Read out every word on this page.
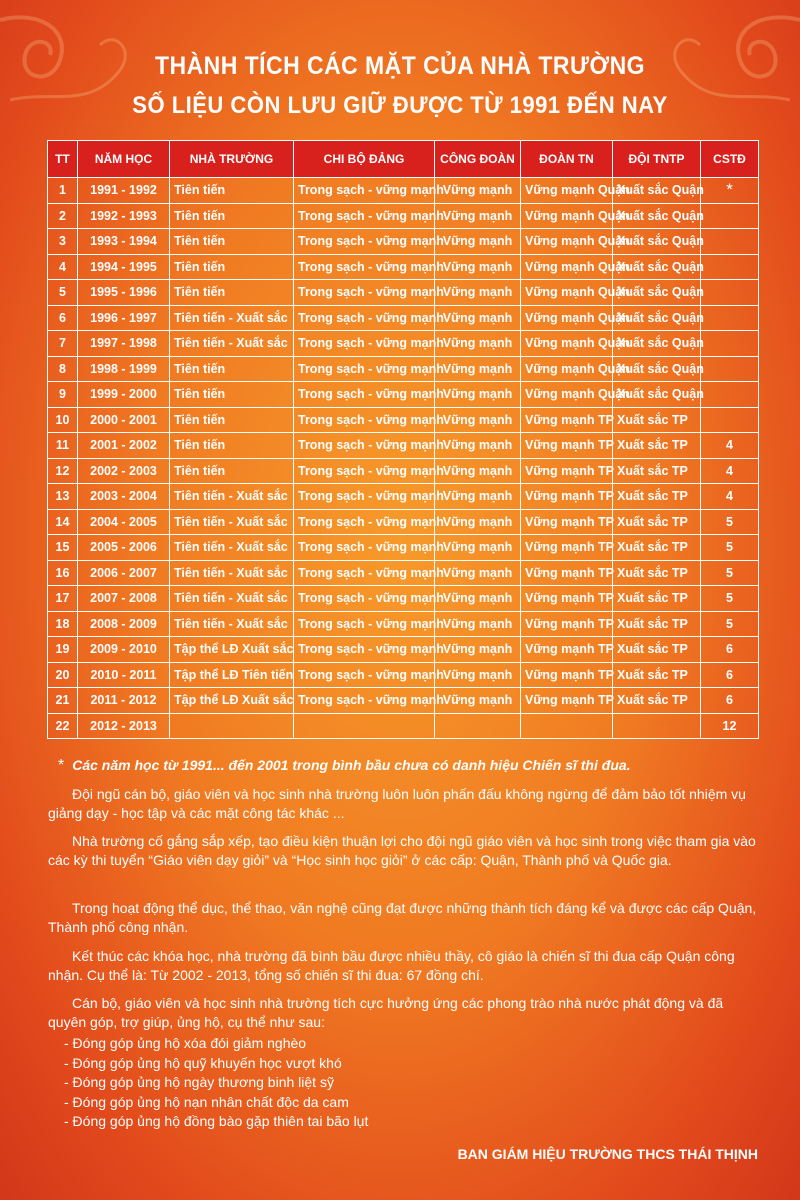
THÀNH TÍCH CÁC MẶT CỦA NHÀ TRƯỜNG
SỐ LIỆU CÒN LƯU GIỮ ĐƯỢC TỪ 1991 ĐẾN NAY
TT	NĂM HỌC	NHÀ TRƯỜNG	CHI BỘ ĐẢNG	CÔNG ĐOÀN	ĐOÀN TN	ĐỘI TNTP	CSTĐ
1	1991 - 1992	Tiên tiến	Trong sạch - vững mạnh	Vững mạnh	Vững mạnh Quận	Xuất sắc Quận	*
2	1992 - 1993	Tiên tiến	Trong sạch - vững mạnh	Vững mạnh	Vững mạnh Quận	Xuất sắc Quận	
3	1993 - 1994	Tiên tiến	Trong sạch - vững mạnh	Vững mạnh	Vững mạnh Quận	Xuất sắc Quận	
4	1994 - 1995	Tiên tiến	Trong sạch - vững mạnh	Vững mạnh	Vững mạnh Quận	Xuất sắc Quận	
5	1995 - 1996	Tiên tiến	Trong sạch - vững mạnh	Vững mạnh	Vững mạnh Quận	Xuất sắc Quận	
6	1996 - 1997	Tiên tiến - Xuất sắc	Trong sạch - vững mạnh	Vững mạnh	Vững mạnh Quận	Xuất sắc Quận	
7	1997 - 1998	Tiên tiến - Xuất sắc	Trong sạch - vững mạnh	Vững mạnh	Vững mạnh Quận	Xuất sắc Quận	
8	1998 - 1999	Tiên tiến	Trong sạch - vững mạnh	Vững mạnh	Vững mạnh Quận	Xuất sắc Quận	
9	1999 - 2000	Tiên tiến	Trong sạch - vững mạnh	Vững mạnh	Vững mạnh Quận	Xuất sắc Quận	
10	2000 - 2001	Tiên tiến	Trong sạch - vững mạnh	Vững mạnh	Vững mạnh TP	Xuất sắc TP	
11	2001 - 2002	Tiên tiến	Trong sạch - vững mạnh	Vững mạnh	Vững mạnh TP	Xuất sắc TP	4
12	2002 - 2003	Tiên tiến	Trong sạch - vững mạnh	Vững mạnh	Vững mạnh TP	Xuất sắc TP	4
13	2003 - 2004	Tiên tiến - Xuất sắc	Trong sạch - vững mạnh	Vững mạnh	Vững mạnh TP	Xuất sắc TP	4
14	2004 - 2005	Tiên tiến - Xuất sắc	Trong sạch - vững mạnh	Vững mạnh	Vững mạnh TP	Xuất sắc TP	5
15	2005 - 2006	Tiên tiến - Xuất sắc	Trong sạch - vững mạnh	Vững mạnh	Vững mạnh TP	Xuất sắc TP	5
16	2006 - 2007	Tiên tiến - Xuất sắc	Trong sạch - vững mạnh	Vững mạnh	Vững mạnh TP	Xuất sắc TP	5
17	2007 - 2008	Tiên tiến - Xuất sắc	Trong sạch - vững mạnh	Vững mạnh	Vững mạnh TP	Xuất sắc TP	5
18	2008 - 2009	Tiên tiến - Xuất sắc	Trong sạch - vững mạnh	Vững mạnh	Vững mạnh TP	Xuất sắc TP	5
19	2009 - 2010	Tập thể LĐ Xuất sắc	Trong sạch - vững mạnh	Vững mạnh	Vững mạnh TP	Xuất sắc TP	6
20	2010 - 2011	Tập thể LĐ Tiên tiến	Trong sạch - vững mạnh	Vững mạnh	Vững mạnh TP	Xuất sắc TP	6
21	2011 - 2012	Tập thể LĐ Xuất sắc	Trong sạch - vững mạnh	Vững mạnh	Vững mạnh TP	Xuất sắc TP	6
22	2012 - 2013						12
* Các năm học từ 1991... đến 2001 trong bình bầu chưa có danh hiệu Chiến sĩ thi đua.

Đội ngũ cán bộ, giáo viên và học sinh nhà trường luôn luôn phấn đấu không ngừng để đảm bảo tốt nhiệm vụ giảng dạy - học tập và các mặt công tác khác ...

Nhà trường cố gắng sắp xếp, tạo điều kiện thuận lợi cho đội ngũ giáo viên và học sinh trong việc tham gia vào các kỳ thi tuyển “Giáo viên dạy giỏi” và “Học sinh học giỏi” ở các cấp: Quận, Thành phố và Quốc gia.

Trong hoạt động thể dục, thể thao, văn nghệ cũng đạt được những thành tích đáng kể và được các cấp Quận, Thành phố công nhận.

Kết thúc các khóa học, nhà trường đã bình bầu được nhiều thầy, cô giáo là chiến sĩ thi đua cấp Quận công nhận. Cụ thể là: Từ 2002 - 2013, tổng số chiến sĩ thi đua: 67 đồng chí.

Cán bộ, giáo viên và học sinh nhà trường tích cực hưởng ứng các phong trào nhà nước phát động và đã quyên góp, trợ giúp, ủng hộ, cụ thể như sau:

- Đóng góp ủng hộ xóa đói giảm nghèo
- Đóng góp ủng hộ quỹ khuyến học vượt khó
- Đóng góp ủng hộ ngày thương binh liệt sỹ
- Đóng góp ủng hộ nạn nhân chất độc da cam
- Đóng góp ủng hộ đồng bào gặp thiên tai bão lụt
BAN GIÁM HIỆU TRƯỜNG THCS THÁI THỊNH
